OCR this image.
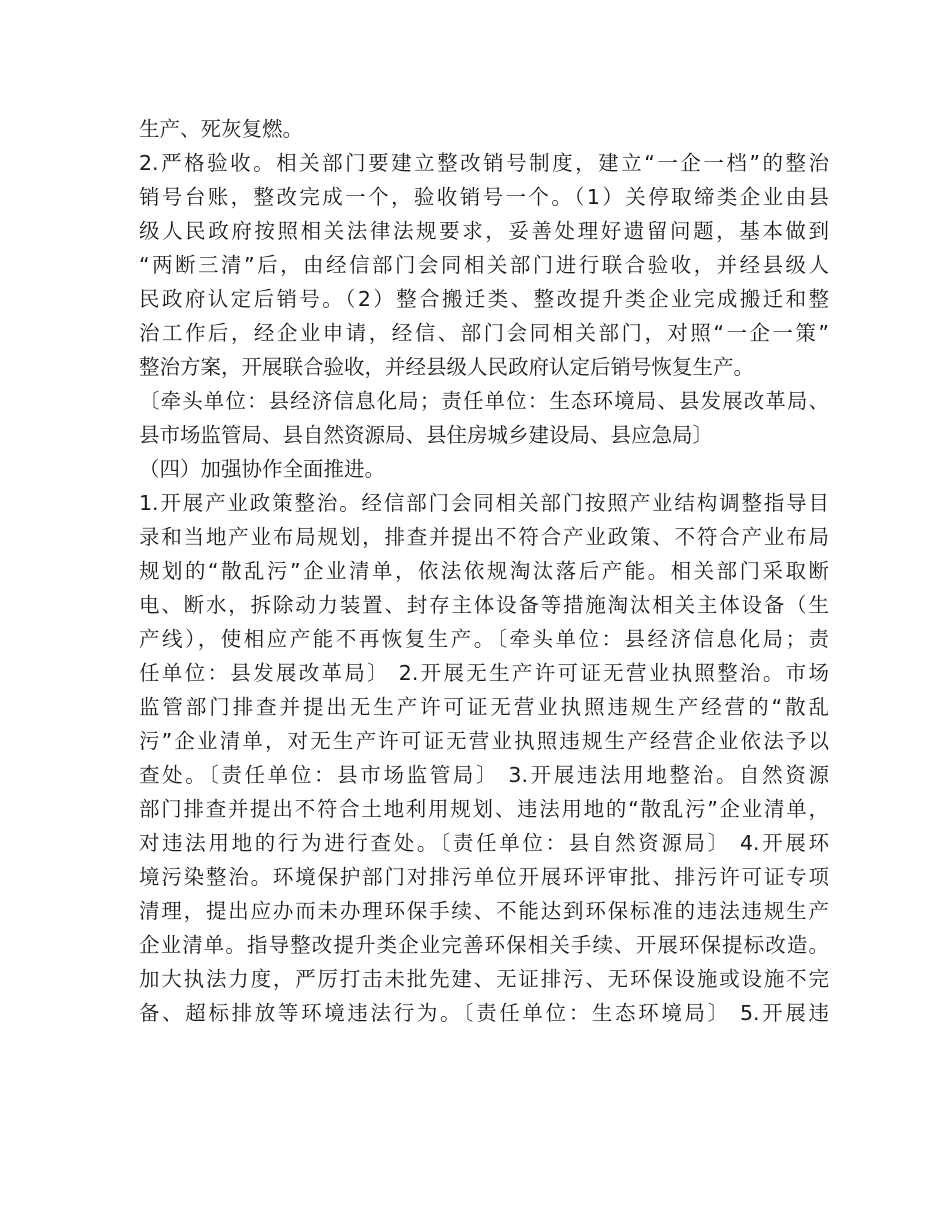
生产、死灰复燃。
2.严格验收。相关部门要建立整改销号制度，建立“一企一档”的整治
销号台账，整改完成一个，验收销号一个。（1）关停取缔类企业由县
级人民政府按照相关法律法规要求，妥善处理好遗留问题，基本做到
“两断三清”后，由经信部门会同相关部门进行联合验收，并经县级人
民政府认定后销号。（2）整合搬迁类、整改提升类企业完成搬迁和整
治工作后，经企业申请，经信、部门会同相关部门，对照“一企一策”
整治方案，开展联合验收，并经县级人民政府认定后销号恢复生产。
〔牵头单位：县经济信息化局；责任单位：生态环境局、县发展改革局、
县市场监管局、县自然资源局、县住房城乡建设局、县应急局〕
（四）加强协作全面推进。
1.开展产业政策整治。经信部门会同相关部门按照产业结构调整指导目
录和当地产业布局规划，排查并提出不符合产业政策、不符合产业布局
规划的“散乱污”企业清单，依法依规淘汰落后产能。相关部门采取断
电、断水，拆除动力装置、封存主体设备等措施淘汰相关主体设备（生
产线），使相应产能不再恢复生产。〔牵头单位：县经济信息化局；责
任单位：县发展改革局〕 2.开展无生产许可证无营业执照整治。市场
监管部门排查并提出无生产许可证无营业执照违规生产经营的“散乱
污”企业清单，对无生产许可证无营业执照违规生产经营企业依法予以
查处。〔责任单位：县市场监管局〕 3.开展违法用地整治。自然资源
部门排查并提出不符合土地利用规划、违法用地的“散乱污”企业清单，
对违法用地的行为进行查处。〔责任单位：县自然资源局〕 4.开展环
境污染整治。环境保护部门对排污单位开展环评审批、排污许可证专项
清理，提出应办而未办理环保手续、不能达到环保标准的违法违规生产
企业清单。指导整改提升类企业完善环保相关手续、开展环保提标改造。
加大执法力度，严厉打击未批先建、无证排污、无环保设施或设施不完
备、超标排放等环境违法行为。〔责任单位：生态环境局〕 5.开展违
